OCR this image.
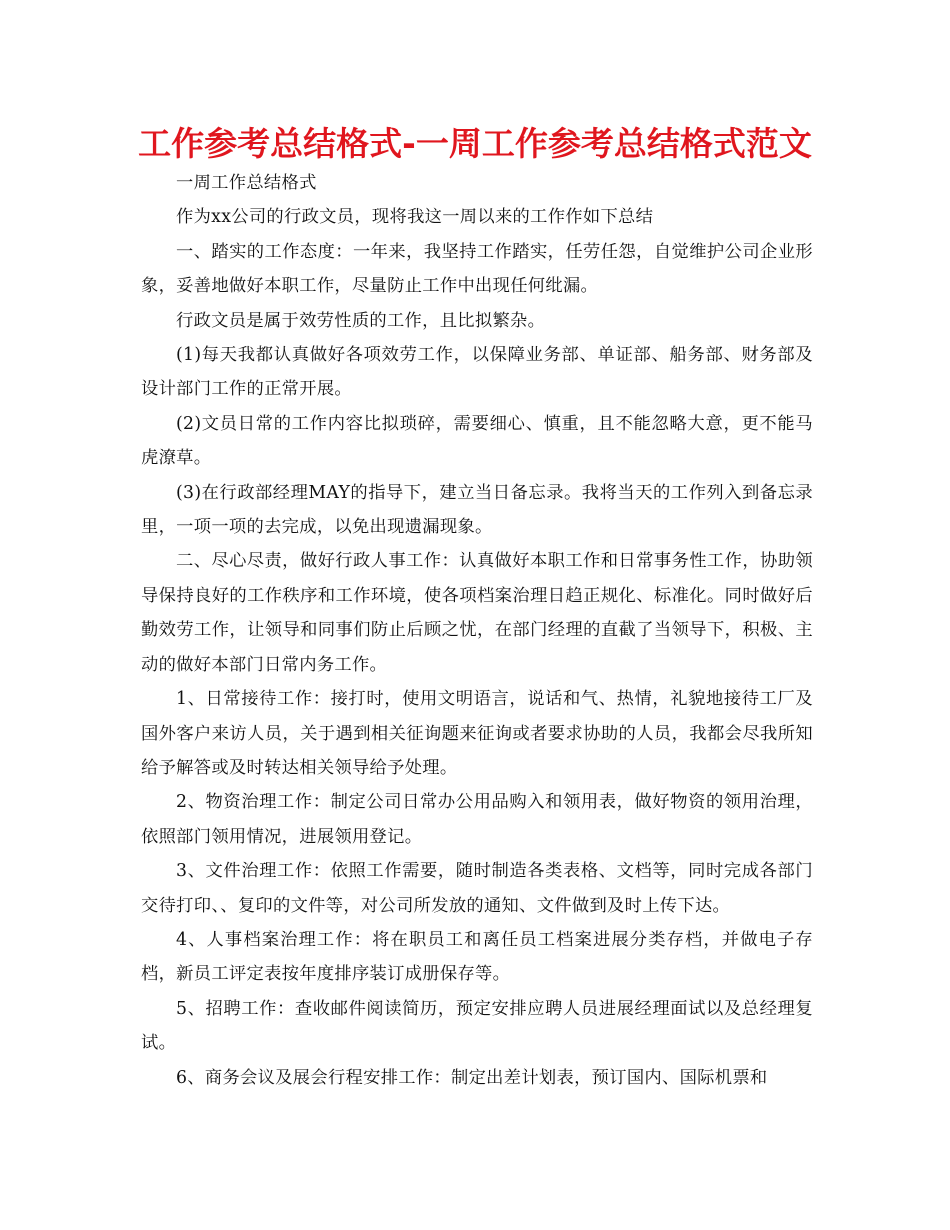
工作参考总结格式-一周工作参考总结格式范文

一周工作总结格式

作为xx公司的行政文员，现将我这一周以来的工作作如下总结

一、踏实的工作态度：一年来，我坚持工作踏实，任劳任怨，自觉维护公司企业形象，妥善地做好本职工作，尽量防止工作中出现任何纰漏。

行政文员是属于效劳性质的工作，且比拟繁杂。

(1)每天我都认真做好各项效劳工作，以保障业务部、单证部、船务部、财务部及设计部门工作的正常开展。

(2)文员日常的工作内容比拟琐碎，需要细心、慎重，且不能忽略大意，更不能马虎潦草。

(3)在行政部经理MAY的指导下，建立当日备忘录。我将当天的工作列入到备忘录里，一项一项的去完成，以免出现遗漏现象。

二、尽心尽责，做好行政人事工作：认真做好本职工作和日常事务性工作，协助领导保持良好的工作秩序和工作环境，使各项档案治理日趋正规化、标准化。同时做好后勤效劳工作，让领导和同事们防止后顾之忧，在部门经理的直截了当领导下，积极、主动的做好本部门日常内务工作。

1、日常接待工作：接打时，使用文明语言，说话和气、热情，礼貌地接待工厂及国外客户来访人员，关于遇到相关征询题来征询或者要求协助的人员，我都会尽我所知给予解答或及时转达相关领导给予处理。

2、物资治理工作：制定公司日常办公用品购入和领用表，做好物资的领用治理，依照部门领用情况，进展领用登记。

3、文件治理工作：依照工作需要，随时制造各类表格、文档等，同时完成各部门交待打印、、复印的文件等，对公司所发放的通知、文件做到及时上传下达。

4、人事档案治理工作：将在职员工和离任员工档案进展分类存档，并做电子存档，新员工评定表按年度排序装订成册保存等。

5、招聘工作：查收邮件阅读简历，预定安排应聘人员进展经理面试以及总经理复试。

6、商务会议及展会行程安排工作：制定出差计划表，预订国内、国际机票和
